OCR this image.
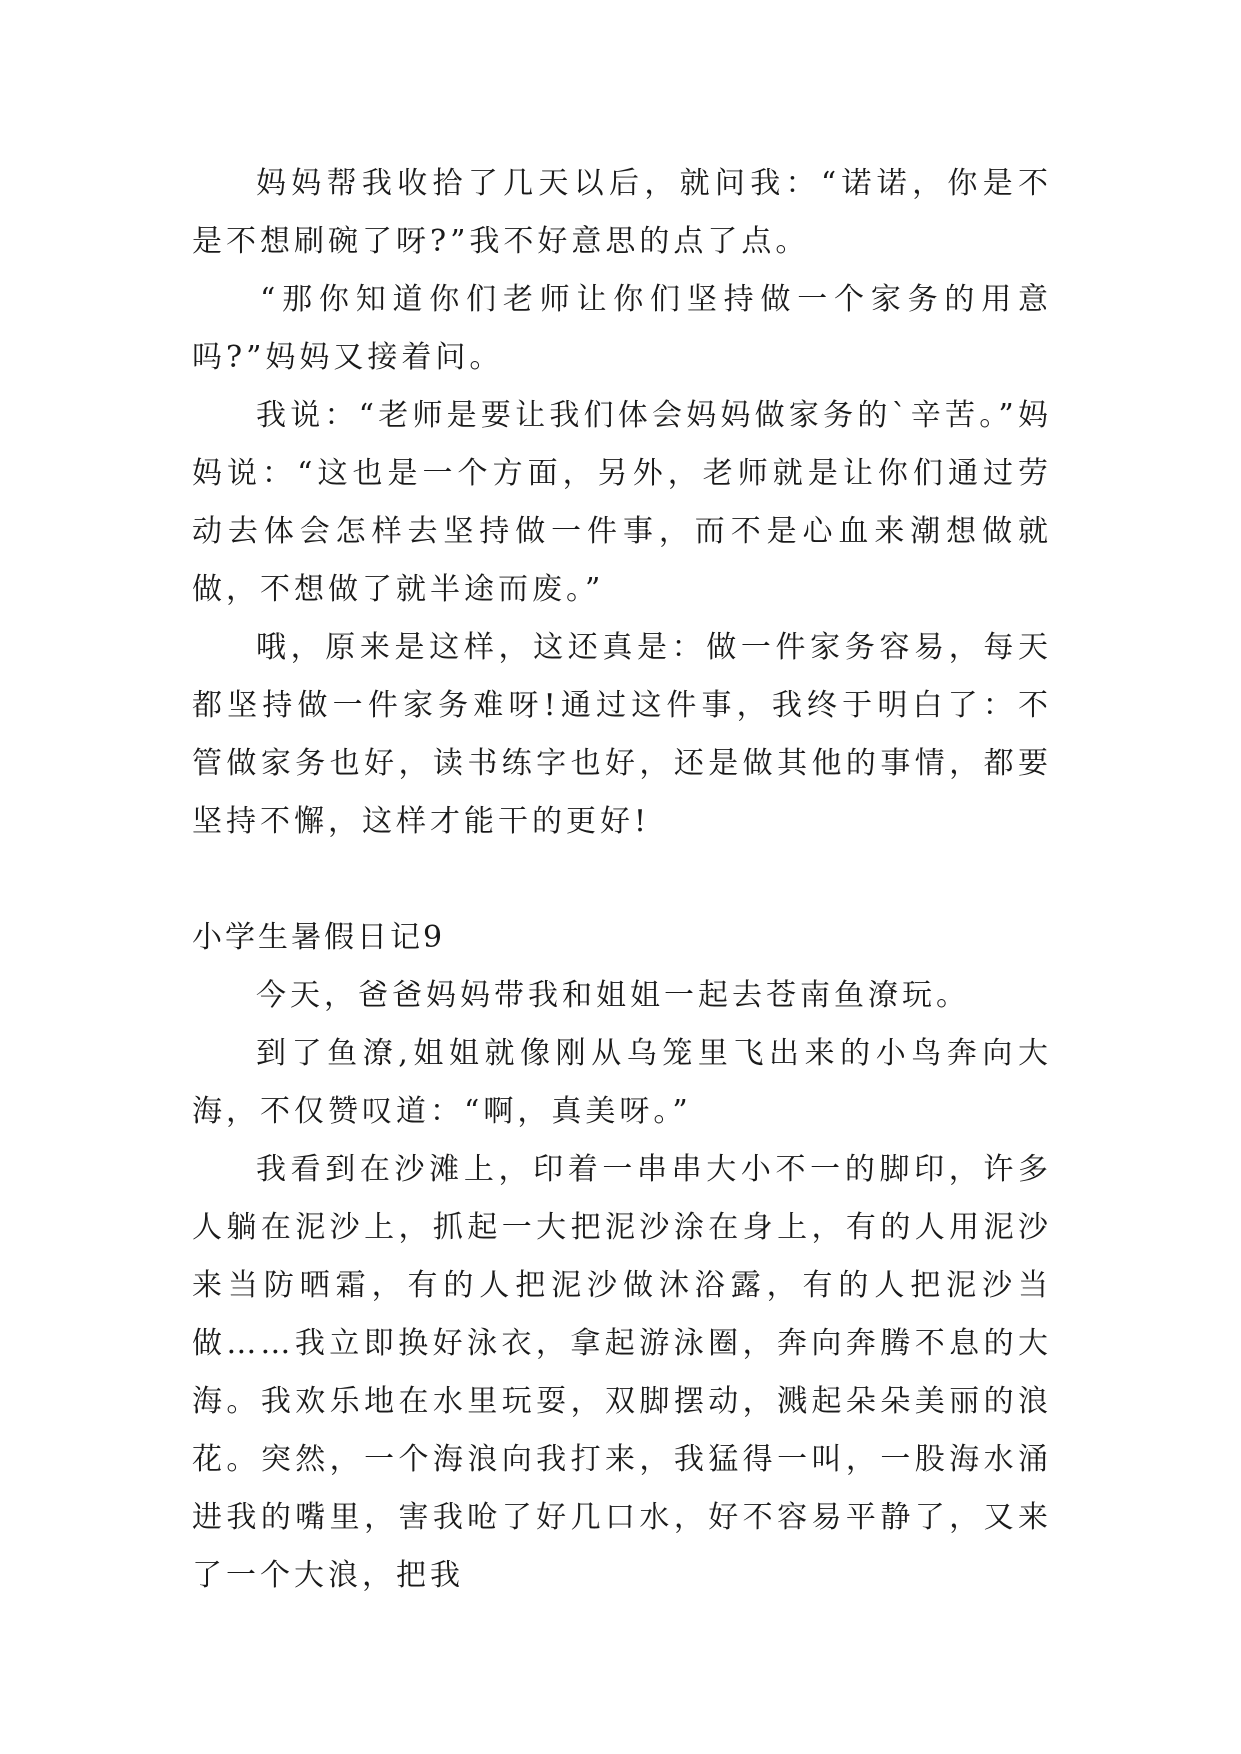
妈妈帮我收拾了几天以后，就问我：“诺诺，你是不是不想刷碗了呀?”我不好意思的点了点。

“那你知道你们老师让你们坚持做一个家务的用意吗?”妈妈又接着问。

我说：“老师是要让我们体会妈妈做家务的`辛苦。”妈妈说：“这也是一个方面，另外，老师就是让你们通过劳动去体会怎样去坚持做一件事，而不是心血来潮想做就做，不想做了就半途而废。”

哦，原来是这样，这还真是：做一件家务容易，每天都坚持做一件家务难呀!通过这件事，我终于明白了：不管做家务也好，读书练字也好，还是做其他的事情，都要坚持不懈，这样才能干的更好!

小学生暑假日记9

今天，爸爸妈妈带我和姐姐一起去苍南鱼潦玩。

到了鱼潦,姐姐就像刚从乌笼里飞出来的小鸟奔向大海，不仅赞叹道：“啊，真美呀。”

我看到在沙滩上，印着一串串大小不一的脚印，许多人躺在泥沙上，抓起一大把泥沙涂在身上，有的人用泥沙来当防晒霜，有的人把泥沙做沐浴露，有的人把泥沙当做……我立即换好泳衣，拿起游泳圈，奔向奔腾不息的大海。我欢乐地在水里玩耍，双脚摆动，溅起朵朵美丽的浪花。突然，一个海浪向我打来，我猛得一叫，一股海水涌进我的嘴里，害我呛了好几口水，好不容易平静了，又来了一个大浪，把我
